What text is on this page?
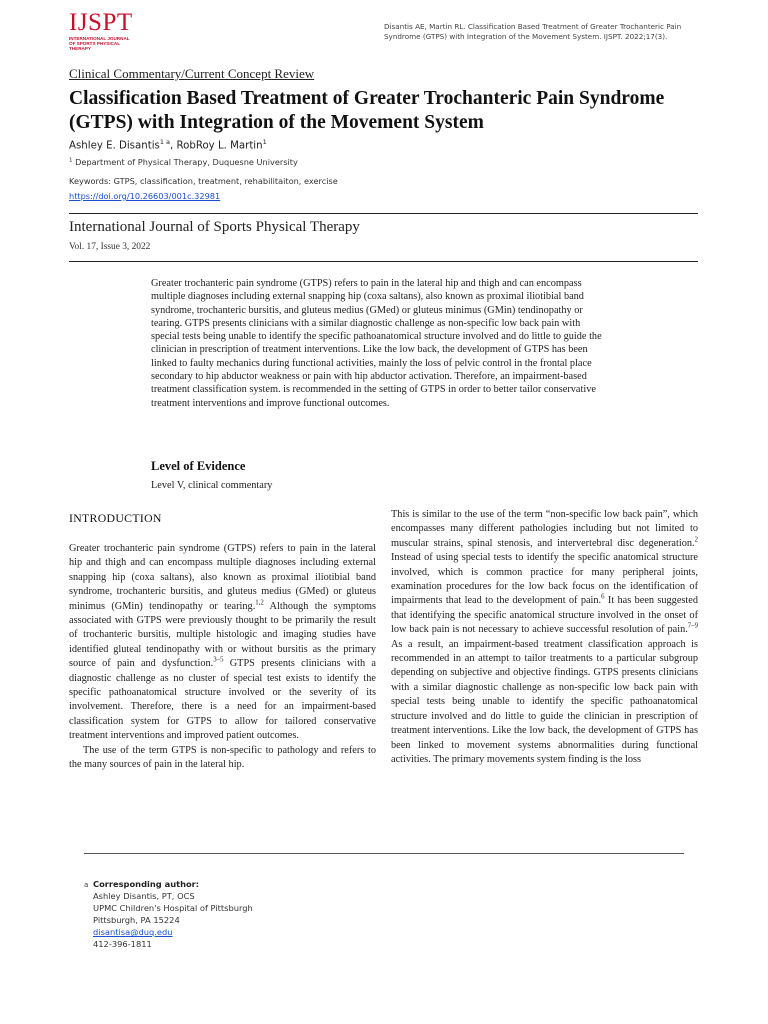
IJSPT
INTERNATIONAL JOURNAL OF SPORTS PHYSICAL THERAPY
Disantis AE, Martin RL. Classification Based Treatment of Greater Trochanteric Pain Syndrome (GTPS) with Integration of the Movement System. IJSPT. 2022;17(3).
Clinical Commentary/Current Concept Review
Classification Based Treatment of Greater Trochanteric Pain Syndrome (GTPS) with Integration of the Movement System
Ashley E. Disantis$^{1 a}$, RobRoy L. Martin$^1$
$^1$ Department of Physical Therapy, Duquesne University
Keywords: GTPS, classification, treatment, rehabilitaiton, exercise
https://doi.org/10.26603/001c.32981
International Journal of Sports Physical Therapy
Vol. 17, Issue 3, 2022
Greater trochanteric pain syndrome (GTPS) refers to pain in the lateral hip and thigh and can encompass multiple diagnoses including external snapping hip (coxa saltans), also known as proximal iliotibial band syndrome, trochanteric bursitis, and gluteus medius (GMed) or gluteus minimus (GMin) tendinopathy or tearing. GTPS presents clinicians with a similar diagnostic challenge as non-specific low back pain with special tests being unable to identify the specific pathoanatomical structure involved and do little to guide the clinician in prescription of treatment interventions. Like the low back, the development of GTPS has been linked to faulty mechanics during functional activities, mainly the loss of pelvic control in the frontal place secondary to hip abductor weakness or pain with hip abductor activation. Therefore, an impairment-based treatment classification system. is recommended in the setting of GTPS in order to better tailor conservative treatment interventions and improve functional outcomes.
Level of Evidence
Level V, clinical commentary
INTRODUCTION

Greater trochanteric pain syndrome (GTPS) refers to pain in the lateral hip and thigh and can encompass multiple diagnoses including external snapping hip (coxa saltans), also known as proximal iliotibial band syndrome, trochanteric bursitis, and gluteus medius (GMed) or gluteus minimus (GMin) tendinopathy or tearing.$^{1,2}$ Although the symptoms associated with GTPS were previously thought to be primarily the result of trochanteric bursitis, multiple histologic and imaging studies have identified gluteal tendinopathy with or without bursitis as the primary source of pain and dysfunction.$^{3-5}$ GTPS presents clinicians with a diagnostic challenge as no cluster of special test exists to identify the specific pathoanatomical structure involved or the severity of its involvement. Therefore, there is a need for an impairment-based classification system for GTPS to allow for tailored conservative treatment interventions and improved patient outcomes.

The use of the term GTPS is non-specific to pathology and refers to the many sources of pain in the lateral hip.

This is similar to the use of the term “non-specific low back pain”, which encompasses many different pathologies including but not limited to muscular strains, spinal stenosis, and intervertebral disc degeneration.$^2$ Instead of using special tests to identify the specific anatomical structure involved, which is common practice for many peripheral joints, examination procedures for the low back focus on the identification of impairments that lead to the development of pain.$^6$ It has been suggested that identifying the specific anatomical structure involved in the onset of low back pain is not necessary to achieve successful resolution of pain.$^{7-9}$ As a result, an impairment-based treatment classification approach is recommended in an attempt to tailor treatments to a particular subgroup depending on subjective and objective findings. GTPS presents clinicians with a similar diagnostic challenge as non-specific low back pain with special tests being unable to identify the specific pathoanatomical structure involved and do little to guide the clinician in prescription of treatment interventions. Like the low back, the development of GTPS has been linked to movement systems abnormalities during functional activities. The primary movements system finding is the loss

a Corresponding author:
Ashley Disantis, PT, OCS
UPMC Children's Hospital of Pittsburgh
Pittsburgh, PA 15224
disantisa@duq.edu
412-396-1811
